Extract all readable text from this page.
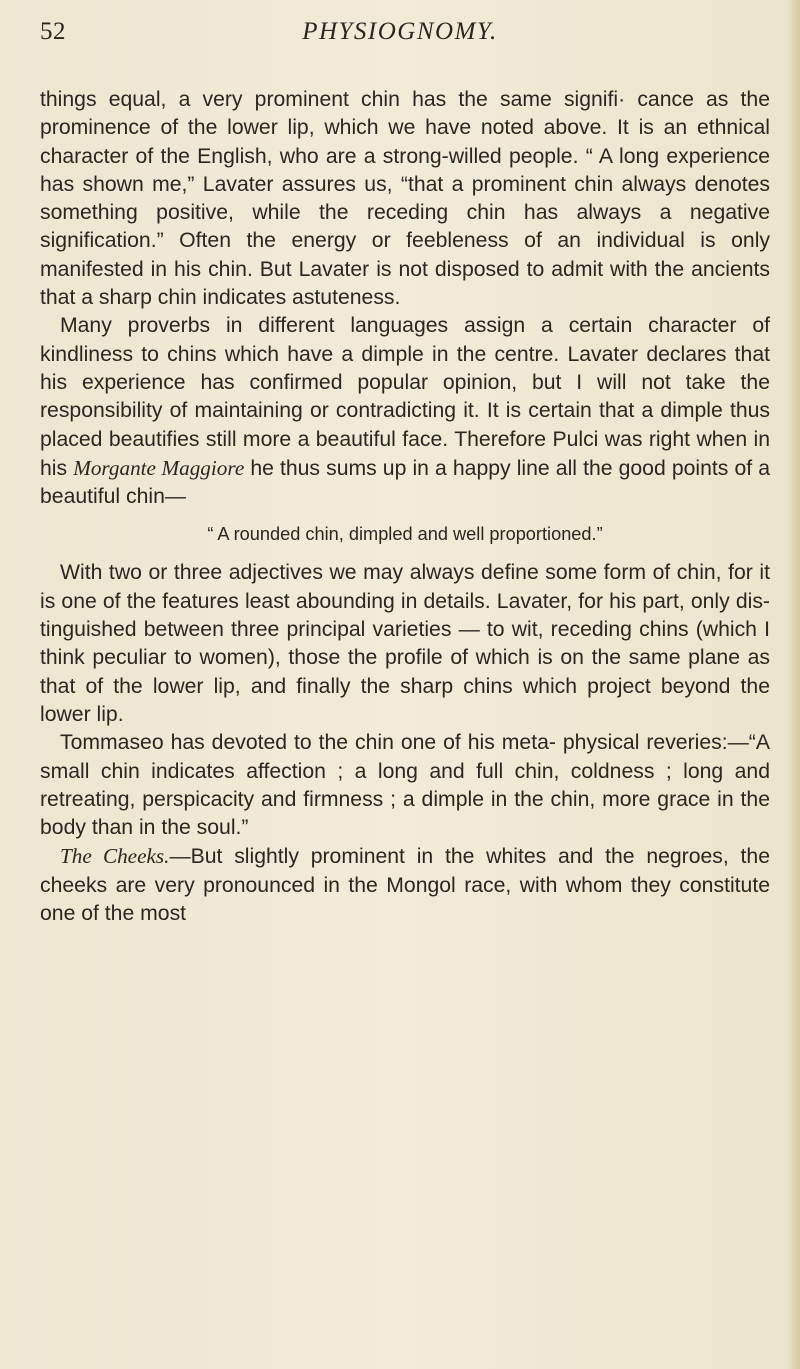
52	PHYSIOGNOMY.

things equal, a very prominent chin has the same signifi· cance as the prominence of the lower lip, which we have noted above. It is an ethnical character of the English, who are a strong-willed people. “ A long experience has shown me,” Lavater assures us, “that a prominent chin always denotes something positive, while the receding chin has always a negative signification.” Often the energy or feebleness of an individual is only manifested in his chin. But Lavater is not disposed to admit with the ancients that a sharp chin indicates astuteness.

Many proverbs in different languages assign a certain character of kindliness to chins which have a dimple in the centre. Lavater declares that his experience has confirmed popular opinion, but I will not take the responsibility of maintaining or contradicting it. It is certain that a dimple thus placed beautifies still more a beautiful face. Therefore Pulci was right when in his Morgante Maggiore he thus sums up in a happy line all the good points of a beautiful chin—

“ A rounded chin, dimpled and well proportioned.”

With two or three adjectives we may always define some form of chin, for it is one of the features least abounding in details. Lavater, for his part, only dis- tinguished between three principal varieties — to wit, receding chins (which I think peculiar to women), those the profile of which is on the same plane as that of the lower lip, and finally the sharp chins which project beyond the lower lip.

Tommaseo has devoted to the chin one of his meta- physical reveries:—“A small chin indicates affection ; a long and full chin, coldness ; long and retreating, perspicacity and firmness ; a dimple in the chin, more grace in the body than in the soul.”

The Cheeks.—But slightly prominent in the whites and the negroes, the cheeks are very pronounced in the Mongol race, with whom they constitute one of the most
